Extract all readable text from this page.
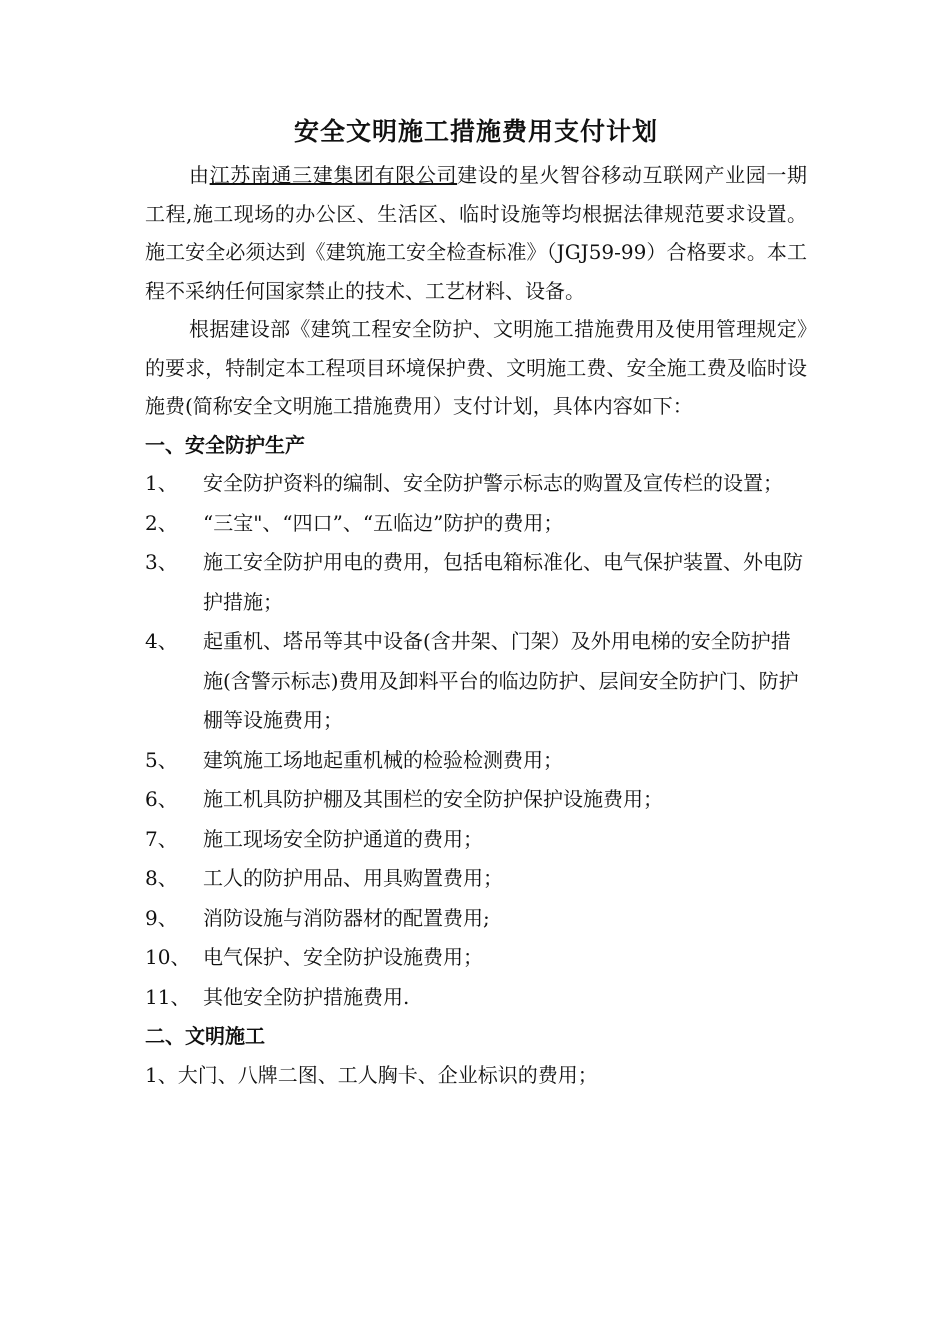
安全文明施工措施费用支付计划

由江苏南通三建集团有限公司建设的星火智谷移动互联网产业园一期工程,施工现场的办公区、生活区、临时设施等均根据法律规范要求设置。施工安全必须达到《建筑施工安全检查标准》（JGJ59-99）合格要求。本工程不采纳任何国家禁止的技术、工艺材料、设备。

根据建设部《建筑工程安全防护、文明施工措施费用及使用管理规定》的要求，特制定本工程项目环境保护费、文明施工费、安全施工费及临时设施费(简称安全文明施工措施费用）支付计划，具体内容如下：

一、安全防护生产
1、	安全防护资料的编制、安全防护警示标志的购置及宣传栏的设置；
2、	“三宝"、“四口”、“五临边”防护的费用；
3、	施工安全防护用电的费用，包括电箱标准化、电气保护装置、外电防护措施；
4、	起重机、塔吊等其中设备(含井架、门架）及外用电梯的安全防护措施(含警示标志)费用及卸料平台的临边防护、层间安全防护门、防护棚等设施费用；
5、	建筑施工场地起重机械的检验检测费用；
6、	施工机具防护棚及其围栏的安全防护保护设施费用；
7、	施工现场安全防护通道的费用；
8、	工人的防护用品、用具购置费用；
9、	消防设施与消防器材的配置费用;
10、 电气保护、安全防护设施费用；
11、 其他安全防护措施费用.
二、文明施工

1、大门、八牌二图、工人胸卡、企业标识的费用；
